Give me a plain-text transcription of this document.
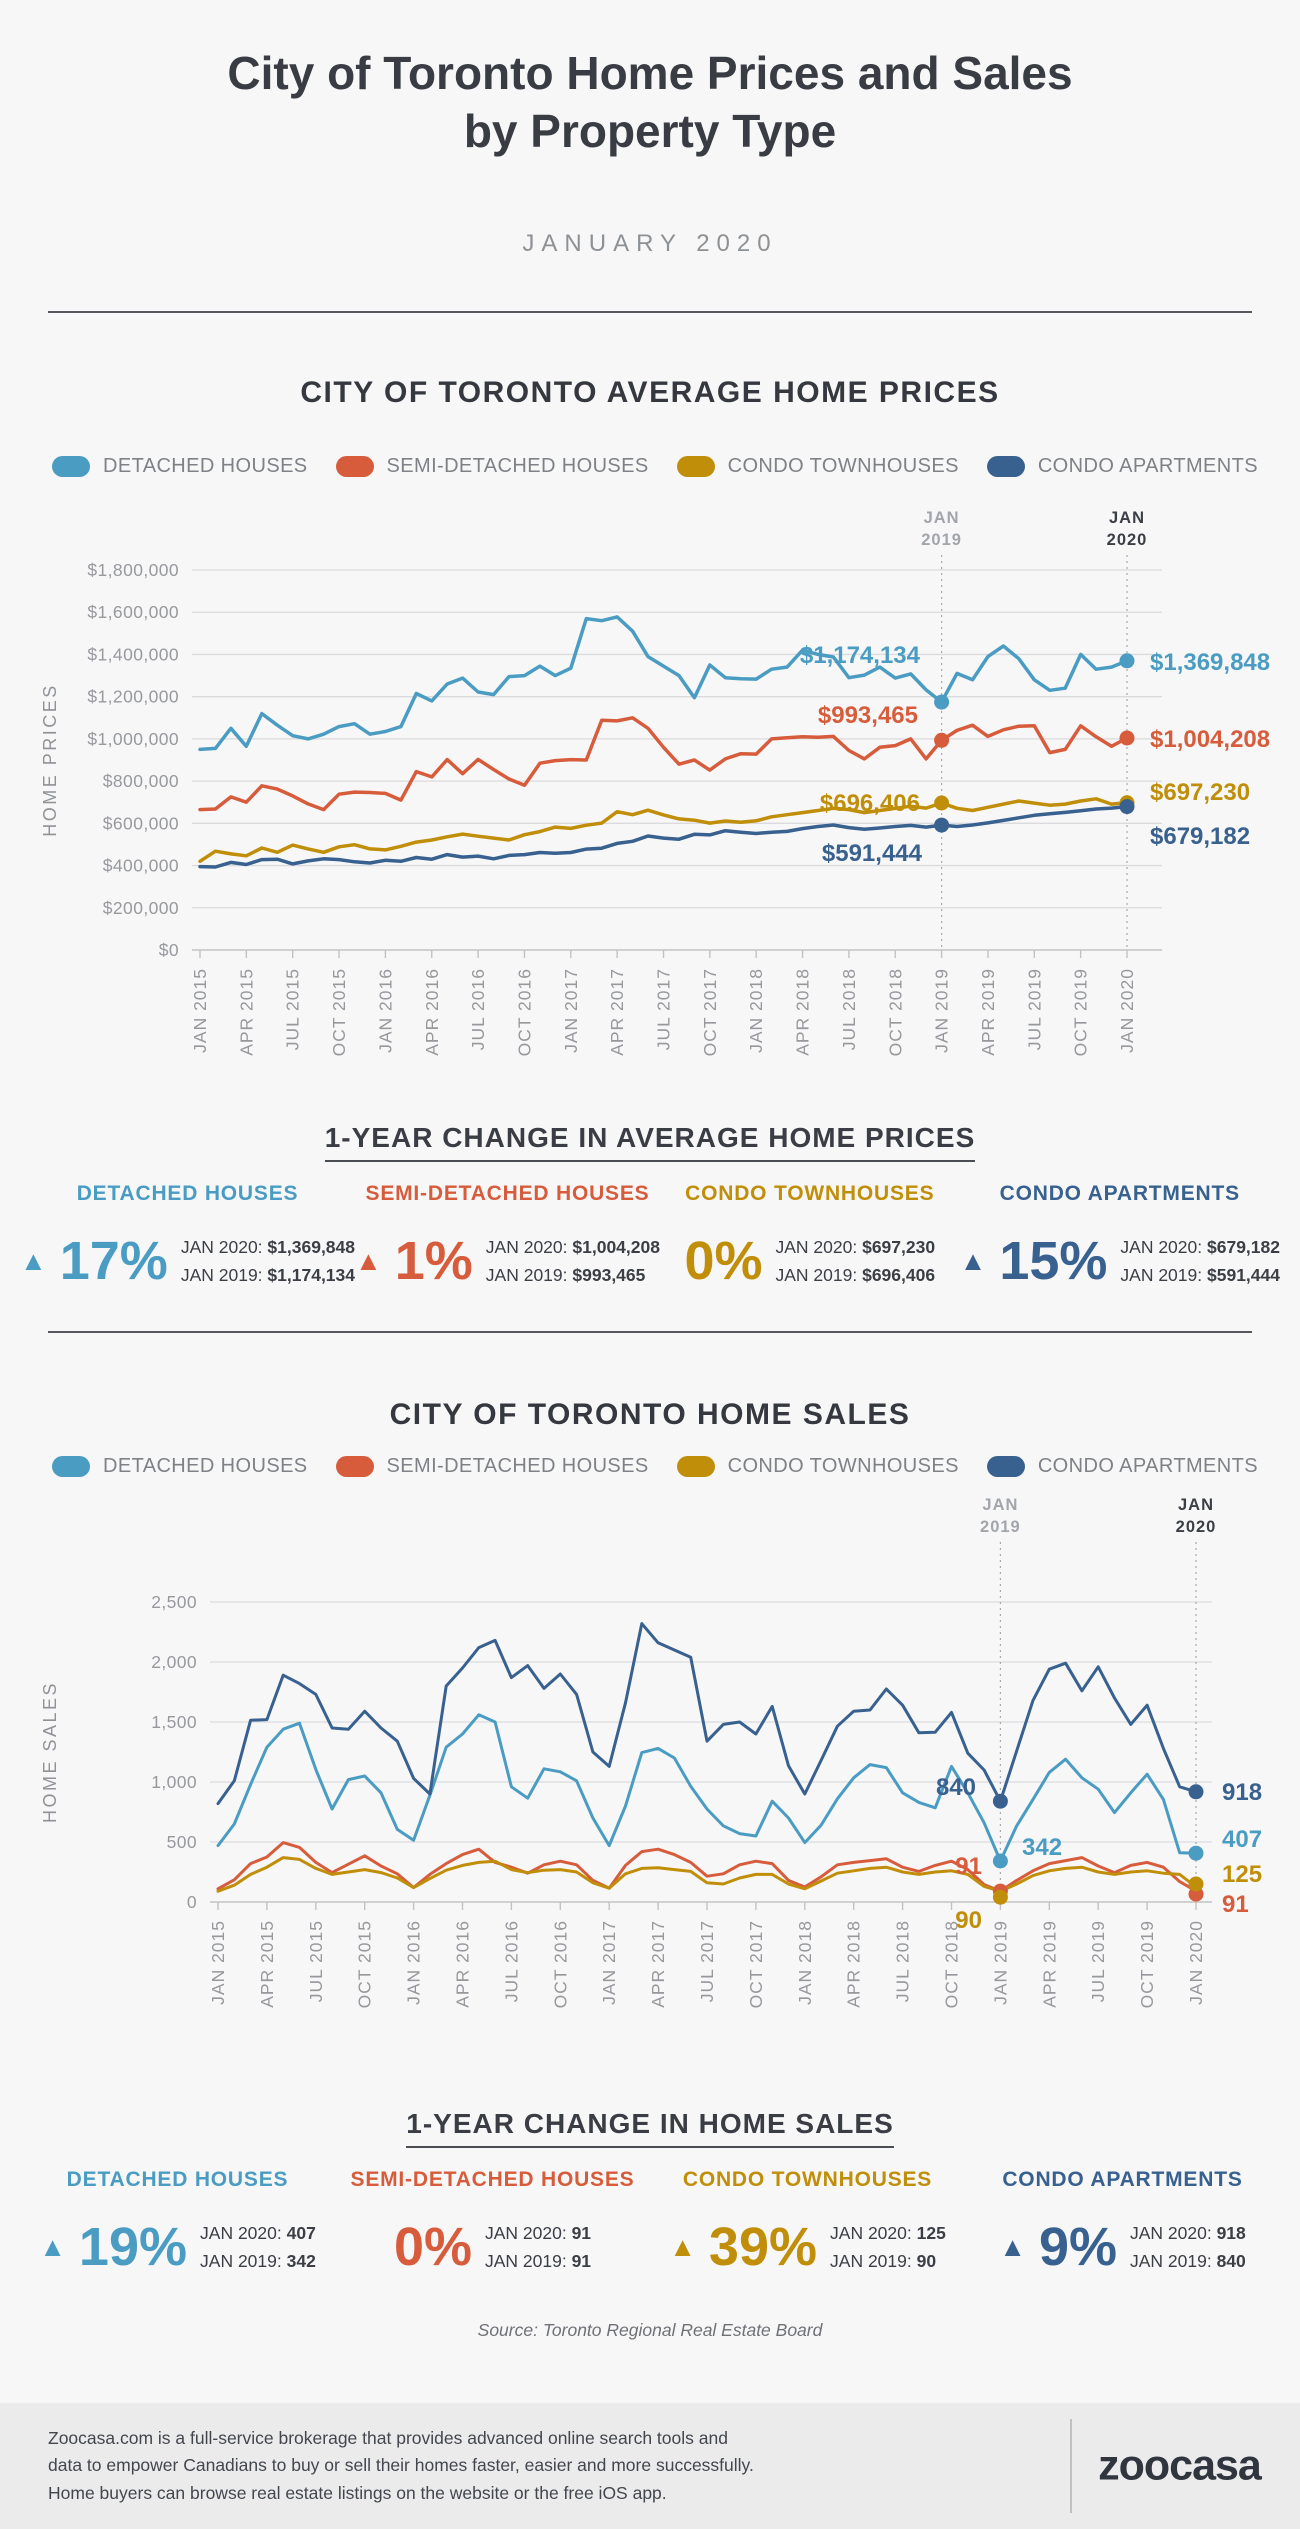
City of Toronto Home Prices and Sales
by Property Type
JANUARY 2020
CITY OF TORONTO AVERAGE HOME PRICES
DETACHED HOUSES	SEMI-DETACHED HOUSES	CONDO TOWNHOUSES	CONDO APARTMENTS
$1,800,000
$1,600,000
$1,400,000
$1,200,000
$1,000,000
$800,000
$600,000
$400,000
$200,000
$0
JAN 2015 APR 2015 JUL 2015 OCT 2015 JAN 2016 APR 2016 JUL 2016 OCT 2016 JAN 2017 APR 2017 JUL 2017 OCT 2017 JAN 2018 APR 2018 JUL 2018 OCT 2018 JAN 2019 APR 2019 JUL 2019 OCT 2019 JAN 2020
HOME PRICES
JAN
2019
JAN
2020
$1,174,134
$993,465
$696,406
$591,444
$1,369,848
$1,004,208
$697,230
$679,182
1-YEAR CHANGE IN AVERAGE HOME PRICES
DETACHED HOUSES
▲ 17% JAN 2020: $1,369,848
JAN 2019: $1,174,134
SEMI-DETACHED HOUSES
▲ 1% JAN 2020: $1,004,208
JAN 2019: $993,465
CONDO TOWNHOUSES
0% JAN 2020: $697,230
JAN 2019: $696,406
CONDO APARTMENTS
▲ 15% JAN 2020: $679,182
JAN 2019: $591,444
CITY OF TORONTO HOME SALES
DETACHED HOUSES	SEMI-DETACHED HOUSES	CONDO TOWNHOUSES	CONDO APARTMENTS
2,500
2,000
1,500
1,000
500
0
JAN 2015 APR 2015 JUL 2015 OCT 2015 JAN 2016 APR 2016 JUL 2016 OCT 2016 JAN 2017 APR 2017 JUL 2017 OCT 2017 JAN 2018 APR 2018 JUL 2018 OCT 2018 JAN 2019 APR 2019 JUL 2019 OCT 2019 JAN 2020
HOME SALES
JAN
2019
JAN
2020
840
342
91
90
918
407
125
91
1-YEAR CHANGE IN HOME SALES
DETACHED HOUSES
▲ 19% JAN 2020: 407
JAN 2019: 342
SEMI-DETACHED HOUSES
0% JAN 2020: 91
JAN 2019: 91
CONDO TOWNHOUSES
▲ 39% JAN 2020: 125
JAN 2019: 90
CONDO APARTMENTS
▲ 9% JAN 2020: 918
JAN 2019: 840
Source: Toronto Regional Real Estate Board
Zoocasa.com is a full-service brokerage that provides advanced online search tools and
data to empower Canadians to buy or sell their homes faster, easier and more successfully.
Home buyers can browse real estate listings on the website or the free iOS app.
zoocasa
